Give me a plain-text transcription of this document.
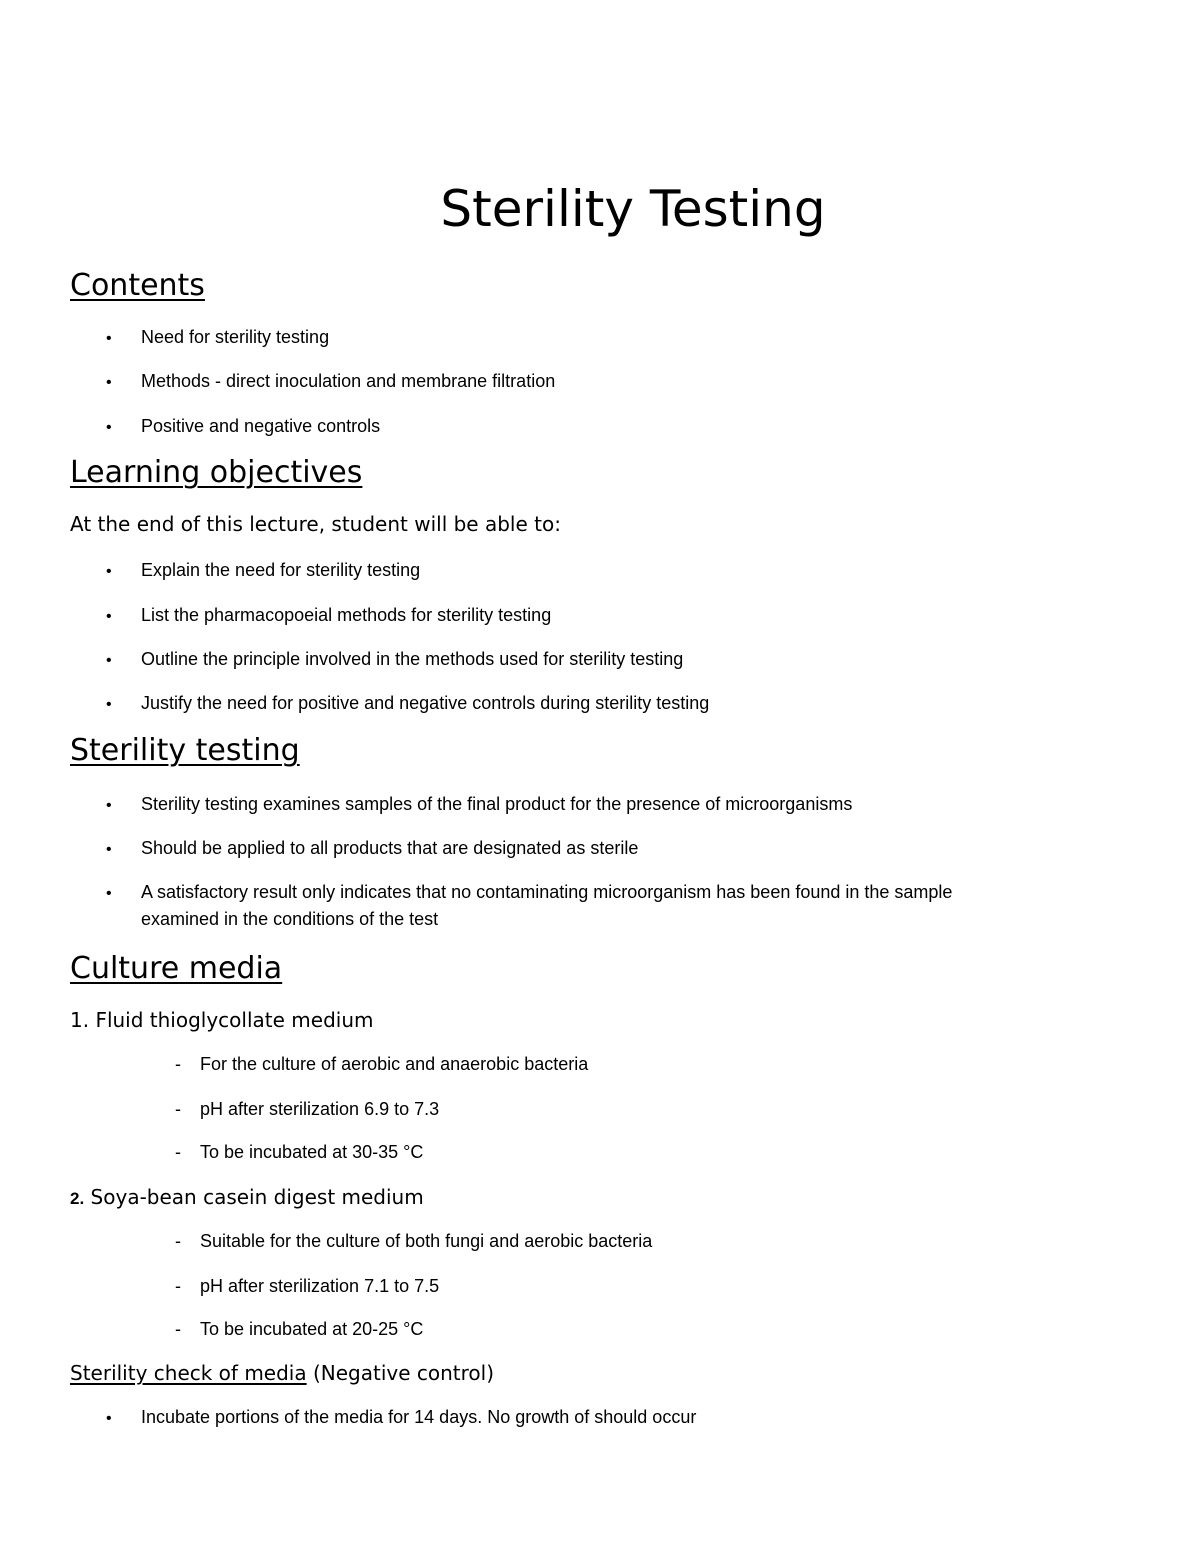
Sterility Testing
Contents
• Need for sterility testing
• Methods - direct inoculation and membrane filtration
• Positive and negative controls
Learning objectives
At the end of this lecture, student will be able to:
• Explain the need for sterility testing
• List the pharmacopoeial methods for sterility testing
• Outline the principle involved in the methods used for sterility testing
• Justify the need for positive and negative controls during sterility testing
Sterility testing
• Sterility testing examines samples of the final product for the presence of microorganisms
• Should be applied to all products that are designated as sterile
• A satisfactory result only indicates that no contaminating microorganism has been found in the sample
examined in the conditions of the test
Culture media
1. Fluid thioglycollate medium
- For the culture of aerobic and anaerobic bacteria
- pH after sterilization 6.9 to 7.3
- To be incubated at 30-35 °C
2. Soya-bean casein digest medium
- Suitable for the culture of both fungi and aerobic bacteria
- pH after sterilization 7.1 to 7.5
- To be incubated at 20-25 °C
Sterility check of media (Negative control)
• Incubate portions of the media for 14 days. No growth of should occur
